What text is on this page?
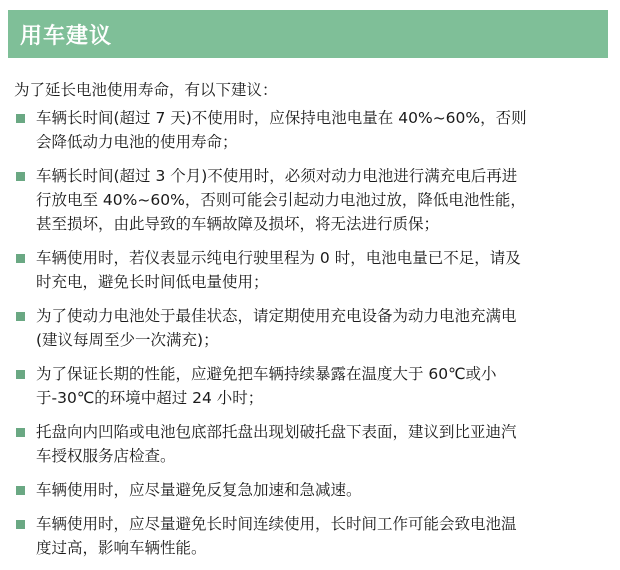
用车建议
为了延长电池使用寿命，有以下建议：
车辆长时间(超过 7 天)不使用时，应保持电池电量在 40%~60%，否则
会降低动力电池的使用寿命；
车辆长时间(超过 3 个月)不使用时，必须对动力电池进行满充电后再进
行放电至 40%~60%，否则可能会引起动力电池过放，降低电池性能，
甚至损坏，由此导致的车辆故障及损坏，将无法进行质保；
车辆使用时，若仪表显示纯电行驶里程为 0 时，电池电量已不足，请及
时充电，避免长时间低电量使用；
为了使动力电池处于最佳状态，请定期使用充电设备为动力电池充满电
(建议每周至少一次满充)；
为了保证长期的性能，应避免把车辆持续暴露在温度大于 60℃或小
于-30℃的环境中超过 24 小时；
托盘向内凹陷或电池包底部托盘出现划破托盘下表面，建议到比亚迪汽
车授权服务店检查。
车辆使用时，应尽量避免反复急加速和急减速。
车辆使用时，应尽量避免长时间连续使用，长时间工作可能会致电池温
度过高，影响车辆性能。
